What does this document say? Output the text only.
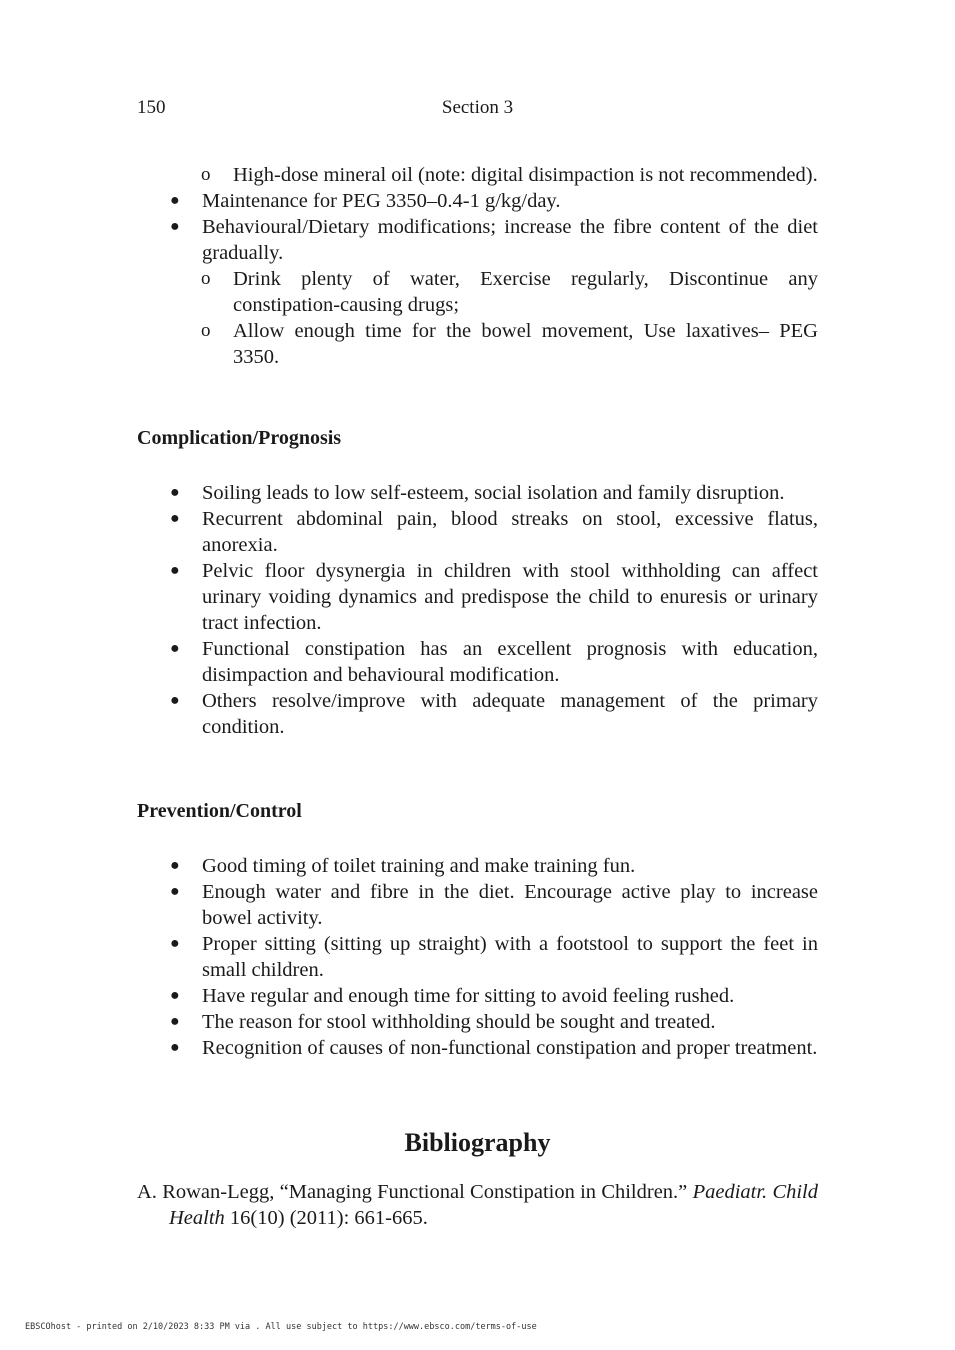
150	Section 3
o High-dose mineral oil (note: digital disimpaction is not recommended).
● Maintenance for PEG 3350–0.4-1 g/kg/day.
● Behavioural/Dietary modifications; increase the fibre content of the diet gradually.
o Drink plenty of water, Exercise regularly, Discontinue any constipation-causing drugs;
o Allow enough time for the bowel movement, Use laxatives– PEG 3350.
Complication/Prognosis
● Soiling leads to low self-esteem, social isolation and family disruption.
● Recurrent abdominal pain, blood streaks on stool, excessive flatus, anorexia.
● Pelvic floor dysynergia in children with stool withholding can affect urinary voiding dynamics and predispose the child to enuresis or urinary tract infection.
● Functional constipation has an excellent prognosis with education, disimpaction and behavioural modification.
● Others resolve/improve with adequate management of the primary condition.
Prevention/Control
● Good timing of toilet training and make training fun.
● Enough water and fibre in the diet. Encourage active play to increase bowel activity.
● Proper sitting (sitting up straight) with a footstool to support the feet in small children.
● Have regular and enough time for sitting to avoid feeling rushed.
● The reason for stool withholding should be sought and treated.
● Recognition of causes of non-functional constipation and proper treatment.
Bibliography
A. Rowan-Legg, “Managing Functional Constipation in Children.” Paediatr. Child Health 16(10) (2011): 661-665.
EBSCOhost - printed on 2/10/2023 8:33 PM via . All use subject to https://www.ebsco.com/terms-of-use
